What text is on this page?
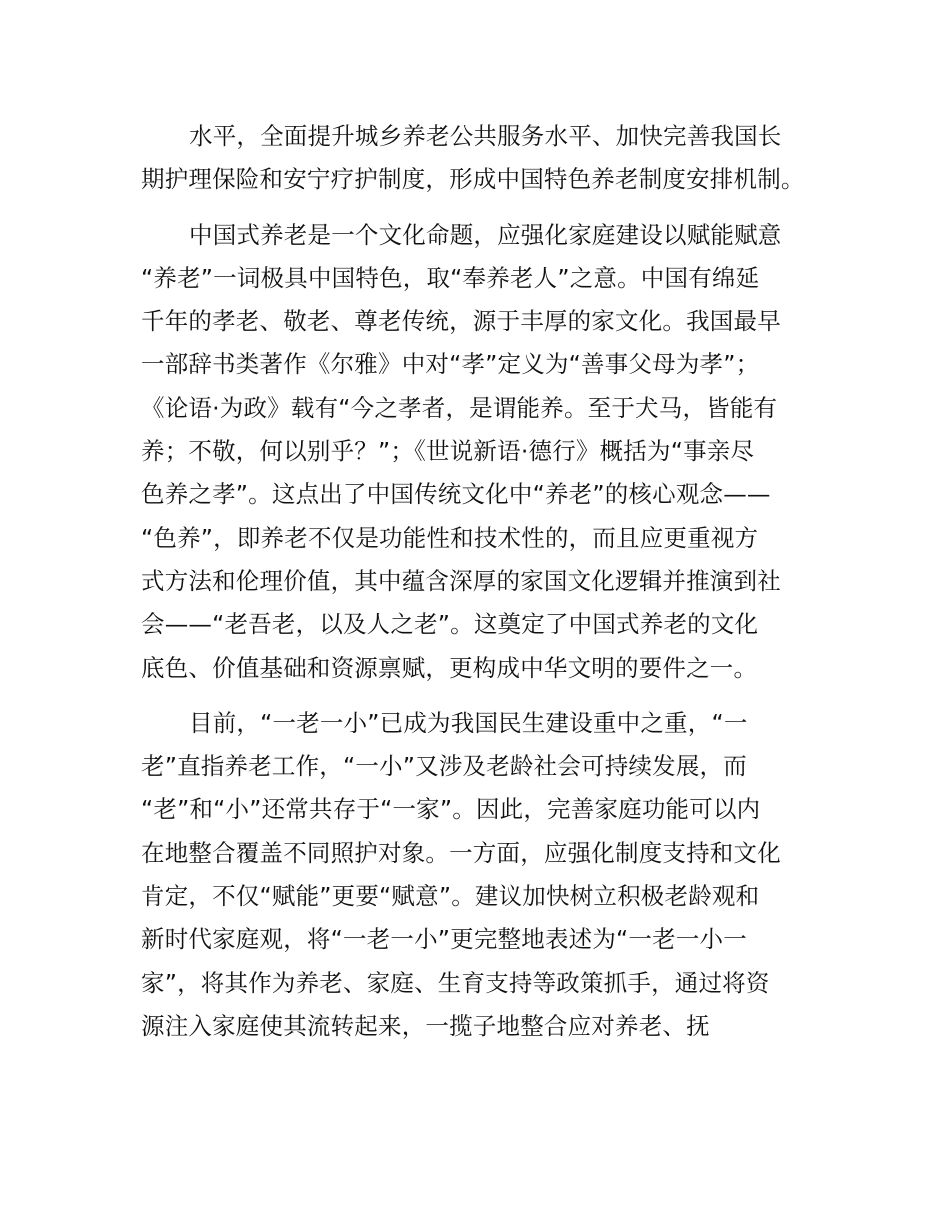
水平，全面提升城乡养老公共服务水平、加快完善我国长
期护理保险和安宁疗护制度，形成中国特色养老制度安排机制。
中国式养老是一个文化命题，应强化家庭建设以赋能赋意
“养老”一词极具中国特色，取“奉养老人”之意。中国有绵延
千年的孝老、敬老、尊老传统，源于丰厚的家文化。我国最早
一部辞书类著作《尔雅》中对“孝”定义为“善事父母为孝”；
《论语·为政》载有“今之孝者，是谓能养。至于犬马，皆能有
养；不敬，何以别乎？”；《世说新语·德行》概括为“事亲尽
色养之孝”。这点出了中国传统文化中“养老”的核心观念——
“色养”，即养老不仅是功能性和技术性的，而且应更重视方
式方法和伦理价值，其中蕴含深厚的家国文化逻辑并推演到社
会——“老吾老，以及人之老”。这奠定了中国式养老的文化
底色、价值基础和资源禀赋，更构成中华文明的要件之一。
目前，“一老一小”已成为我国民生建设重中之重，“一
老”直指养老工作，“一小”又涉及老龄社会可持续发展，而
“老”和“小”还常共存于“一家”。因此，完善家庭功能可以内
在地整合覆盖不同照护对象。一方面，应强化制度支持和文化
肯定，不仅“赋能”更要“赋意”。建议加快树立积极老龄观和
新时代家庭观，将“一老一小”更完整地表述为“一老一小一
家”，将其作为养老、家庭、生育支持等政策抓手，通过将资
源注入家庭使其流转起来，一揽子地整合应对养老、抚
